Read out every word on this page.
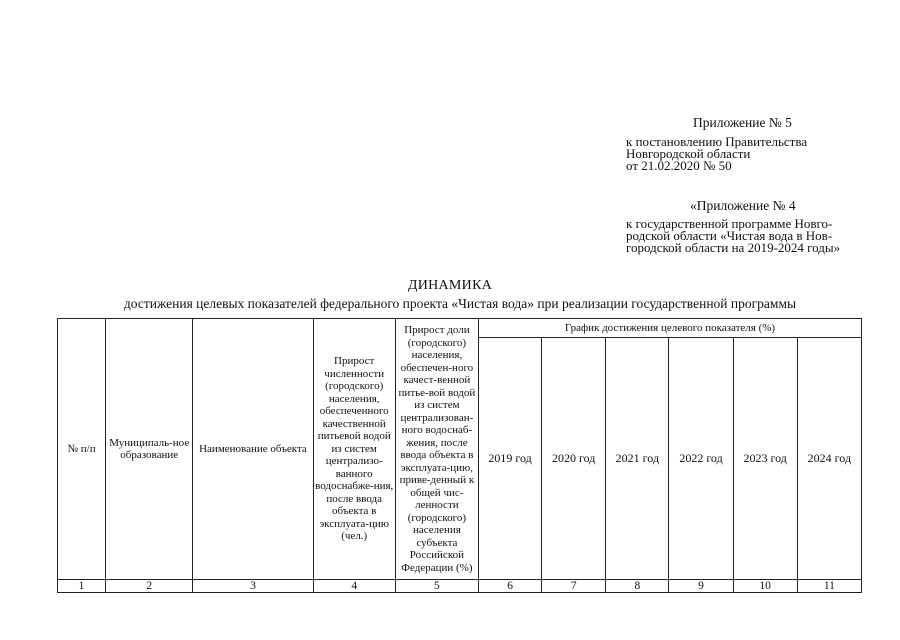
Приложение № 5
к постановлению Правительства
Новгородской области
от 21.02.2020 № 50
«Приложение № 4
к государственной программе Новго-
родской области «Чистая вода в Нов-
городской области на 2019-2024 годы»
ДИНАМИКА
достижения целевых показателей федерального проекта «Чистая вода» при реализации государственной программы
№ п/п	Муниципаль-ное образование	Наименование объекта	Прирост численности (городского) населения, обеспеченного качественной питьевой водой из систем централизо-ванного водоснабже-ния, после ввода объекта в эксплуата-цию (чел.)	Прирост доли (городского) населения, обеспечен-ного качест-венной питье-вой водой из систем централизован-ного водоснаб-жения, после ввода объекта в эксплуата-цию, приве-денный к общей чис-ленности (городского) населения субъекта Российской Федерации (%)	График достижения целевого показателя (%)					
					2019 год	2020 год	2021 год	2022 год	2023 год	2024 год
1	2	3	4	5	6	7	8	9	10	11
